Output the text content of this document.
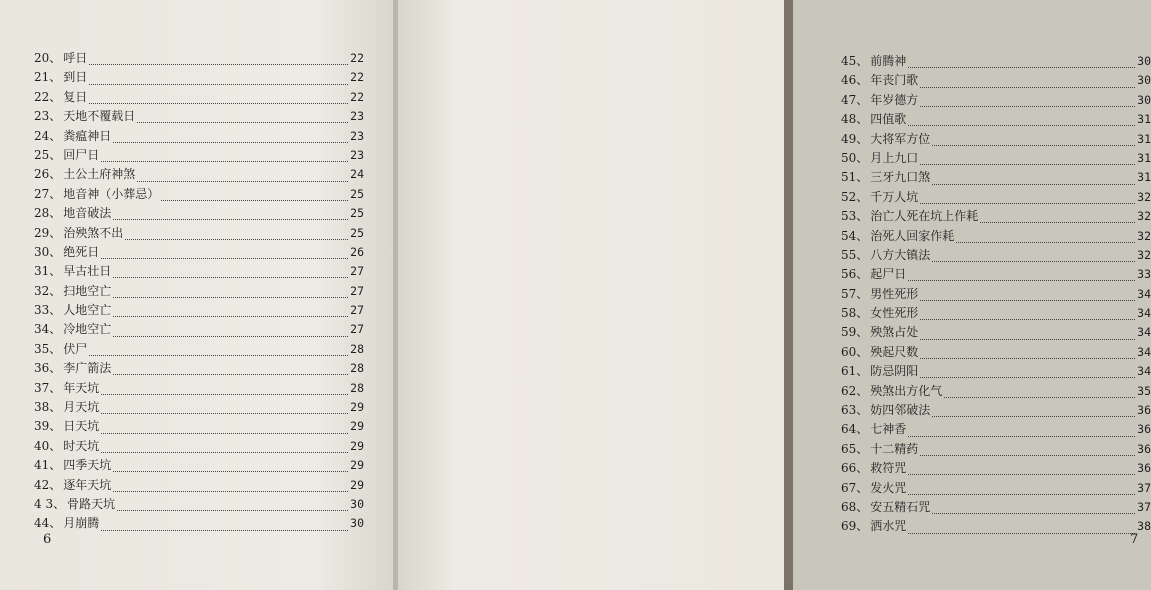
20、 呼日	22
21、 到日	22
22、 复日	22
23、 天地不覆载日	23
24、 粪瘟神日	23
25、 回尸日	23
26、 土公土府神煞	24
27、 地音神（小葬忌）	25
28、 地音破法	25
29、 治殃煞不出	25
30、 绝死日	26
31、 早古壮日	27
32、 扫地空亡	27
33、 人地空亡	27
34、 冷地空亡	27
35、 伏尸	28
36、 李广箭法	28
37、 年天坑	28
38、 月天坑	29
39、 日天坑	29
40、 时天坑	29
41、 四季天坑	29
42、 逐年天坑	29
4 3、 骨路天坑	30
44、 月崩腾	30
6
45、 前腾神	30
46、 年丧门歌	30
47、 年岁德方	30
48、 四值歌	31
49、 大将军方位	31
50、 月上九口	31
51、 三牙九口煞	31
52、 千万人坑	32
53、 治亡人死在坑上作耗	32
54、 治死人回家作耗	32
55、 八方大镇法	32
56、 起尸日	33
57、 男性死形	34
58、 女性死形	34
59、 殃煞占处	34
60、 殃起尺数	34
61、 防忌阴阳	34
62、 殃煞出方化气	35
63、 妨四邻破法	36
64、 七神香	36
65、 十二精药	36
66、 救符咒	36
67、 发火咒	37
68、 安五精石咒	37
69、 洒水咒	38
7
